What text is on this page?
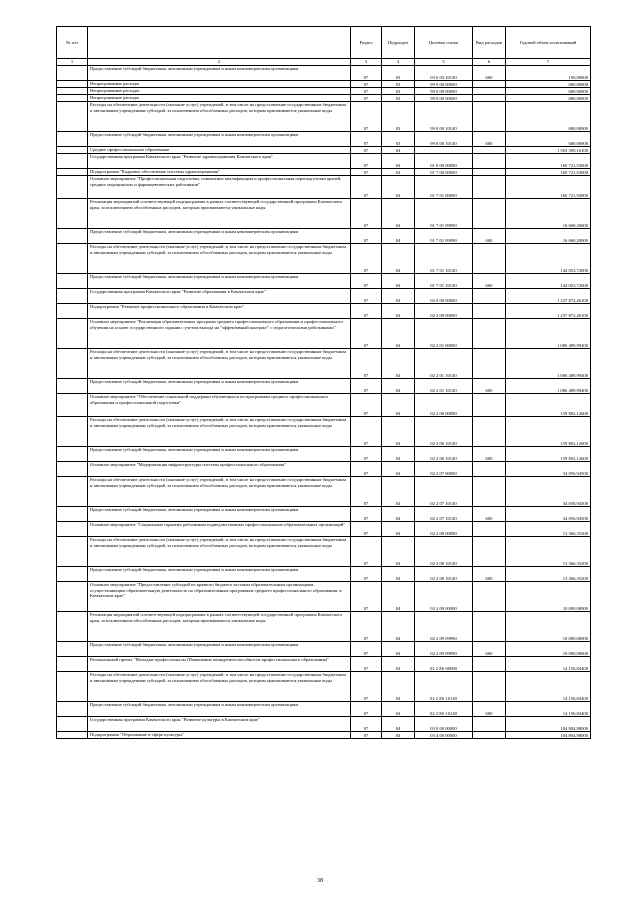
№ п/п		Раздел	Подраздел	Целевая статья	Вид расходов	Годовой объем ассигнований
1	2	3	4	5	6	7
	Предоставление субсидий бюджетным, автономным учреждениям и иным некоммерческим организациям	07	03	03 6 03 10140	600	190,00000
	Непрограммные расходы	07	03	99 0 00 00000		680,00000
	Непрограммные расходы	07	03	99 0 00 00000		680,00000
	Непрограммные расходы	07	03	99 0 00 00000		680,00000
	Расходы на обеспечение деятельности (оказание услуг) учреждений, в том числе на предоставление государственным бюджетным и автономным учреждениям субсидий, за исключением обособленных расходов, которым присваиваются уникальные коды	07	03	99 0 00 10140		680,00000
	Предоставление субсидий бюджетным, автономным учреждениям и иным некоммерческим организациям	07	03	99 0 00 10140	600	680,00000
	Среднее профессиональное образование	07	04			1 503 399,16100
	Государственная программа Камчатского края "Развитие здравоохранения Камчатского края"	07	04	01 0 00 00000		160 721,92000
	Подпрограмма "Кадровое обеспечение системы здравоохранения"	07	04	01 7 00 00000		160 721,92000
	Основное мероприятие "Профессиональная подготовка, повышение квалификации и профессиональная переподготовка врачей, средних медицинских и фармацевтических работников"	07	04	01 7 01 00000		160 721,92000
	Реализация мероприятий соответствующей подпрограммы в рамках соответствующей государственной программы Камчатского края, за исключением обособленных расходов, которым присваиваются уникальные коды	07	04	01 7 01 09990		16 668,20000
	Предоставление субсидий бюджетным, автономным учреждениям и иным некоммерческим организациям	07	04	01 7 01 09990	600	16 668,20000
	Расходы на обеспечение деятельности (оказание услуг) учреждений, в том числе на предоставление государственным бюджетным и автономным учреждениям субсидий, за исключением обособленных расходов, которым присваиваются уникальные коды	07	04	01 7 01 10140		144 053,72000
	Предоставление субсидий бюджетным, автономным учреждениям и иным некоммерческим организациям	07	04	01 7 01 10140	600	144 053,72000
	Государственная программа Камчатского края "Развитие образования в Камчатском крае"	07	04	02 0 00 00000		1 237 872,26100
	Подпрограмма "Развитие профессионального образования в Камчатском крае"	07	04	02 2 00 00000		1 237 872,26100
	Основное мероприятие "Реализация образовательных программ среднего профессионального образования и профессионального обучения на основе государственного задания с учетом выхода на "эффективный контракт" с педагогическими работниками"	07	04	02 2 01 00000		1 006 489,99400
	Расходы на обеспечение деятельности (оказание услуг) учреждений, в том числе на предоставление государственным бюджетным и автономным учреждениям субсидий, за исключением обособленных расходов, которым присваиваются уникальные коды	07	04	02 2 01 10140		1 006 489,99400
	Предоставление субсидий бюджетным, автономным учреждениям и иным некоммерческим организациям	07	04	02 2 01 10140	600	1 006 489,99400
	Основное мероприятие "Обеспечение социальной поддержки обучающихся по программам среднего профессионального образования и профессиональной подготовки"	07	04	02 2 06 00000		159 802,12600
	Расходы на обеспечение деятельности (оказание услуг) учреждений, в том числе на предоставление государственным бюджетным и автономным учреждениям субсидий, за исключением обособленных расходов, которым присваиваются уникальные коды	07	04	02 2 06 10140		159 802,12600
	Предоставление субсидий бюджетным, автономным учреждениям и иным некоммерческим организациям	07	04	02 2 06 10140	600	159 802,12600
	Основное мероприятие "Модернизация инфраструктуры системы профессионального образования"	07	04	02 2 07 00000		34 056,94500
	Расходы на обеспечение деятельности (оказание услуг) учреждений, в том числе на предоставление государственным бюджетным и автономным учреждениям субсидий, за исключением обособленных расходов, которым присваиваются уникальные коды	07	04	02 2 07 10140		34 056,94500
	Предоставление субсидий бюджетным, автономным учреждениям и иным некоммерческим организациям	07	04	02 2 07 10140	600	34 056,94500
	Основное мероприятие "Социальные гарантии работникам подведомственных профессиональных образовательных организаций"	07	04	02 2 08 00000		13 366,35200
	Расходы на обеспечение деятельности (оказание услуг) учреждений, в том числе на предоставление государственным бюджетным и автономным учреждениям субсидий, за исключением обособленных расходов, которым присваиваются уникальные коды	07	04	02 2 08 10140		13 366,35200
	Предоставление субсидий бюджетным, автономным учреждениям и иным некоммерческим организациям	07	04	02 2 08 10140	600	13 366,35200
	Основное мероприятие "Предоставление субсидий из краевого бюджета частным образовательным организациям, осуществляющим образовательную деятельность по образовательным программам среднего профессионального образования, в Камчатском крае"	07	04	02 2 09 00000		10 000,00000
	Реализация мероприятий соответствующей подпрограммы в рамках соответствующей государственной программы Камчатского края, за исключением обособленных расходов, которым присваиваются уникальные коды	07	04	02 2 09 09990		10 000,00000
	Предоставление субсидий бюджетным, автономным учреждениям и иным некоммерческим организациям	07	04	02 2 09 09990	600	10 000,00000
	Региональный проект "Молодые профессионалы (Повышение конкурентоспособности профессионального образования)"	07	04	02 2 E6 00000		14 156,84400
	Расходы на обеспечение деятельности (оказание услуг) учреждений, в том числе на предоставление государственным бюджетным и автономным учреждениям субсидий, за исключением обособленных расходов, которым присваиваются уникальные коды	07	04	02 2 E6 10140		14 156,84400
	Предоставление субсидий бюджетным, автономным учреждениям и иным некоммерческим организациям	07	04	02 2 E6 10140	600	14 156,84400
	Государственная программа Камчатского края "Развитие культуры в Камчатском крае"	07	04	03 0 00 00000		104 804,98000
	Подпрограмма "Образование в сфере культуры"	07	04	03 4 00 00000		104 804,98000
38
